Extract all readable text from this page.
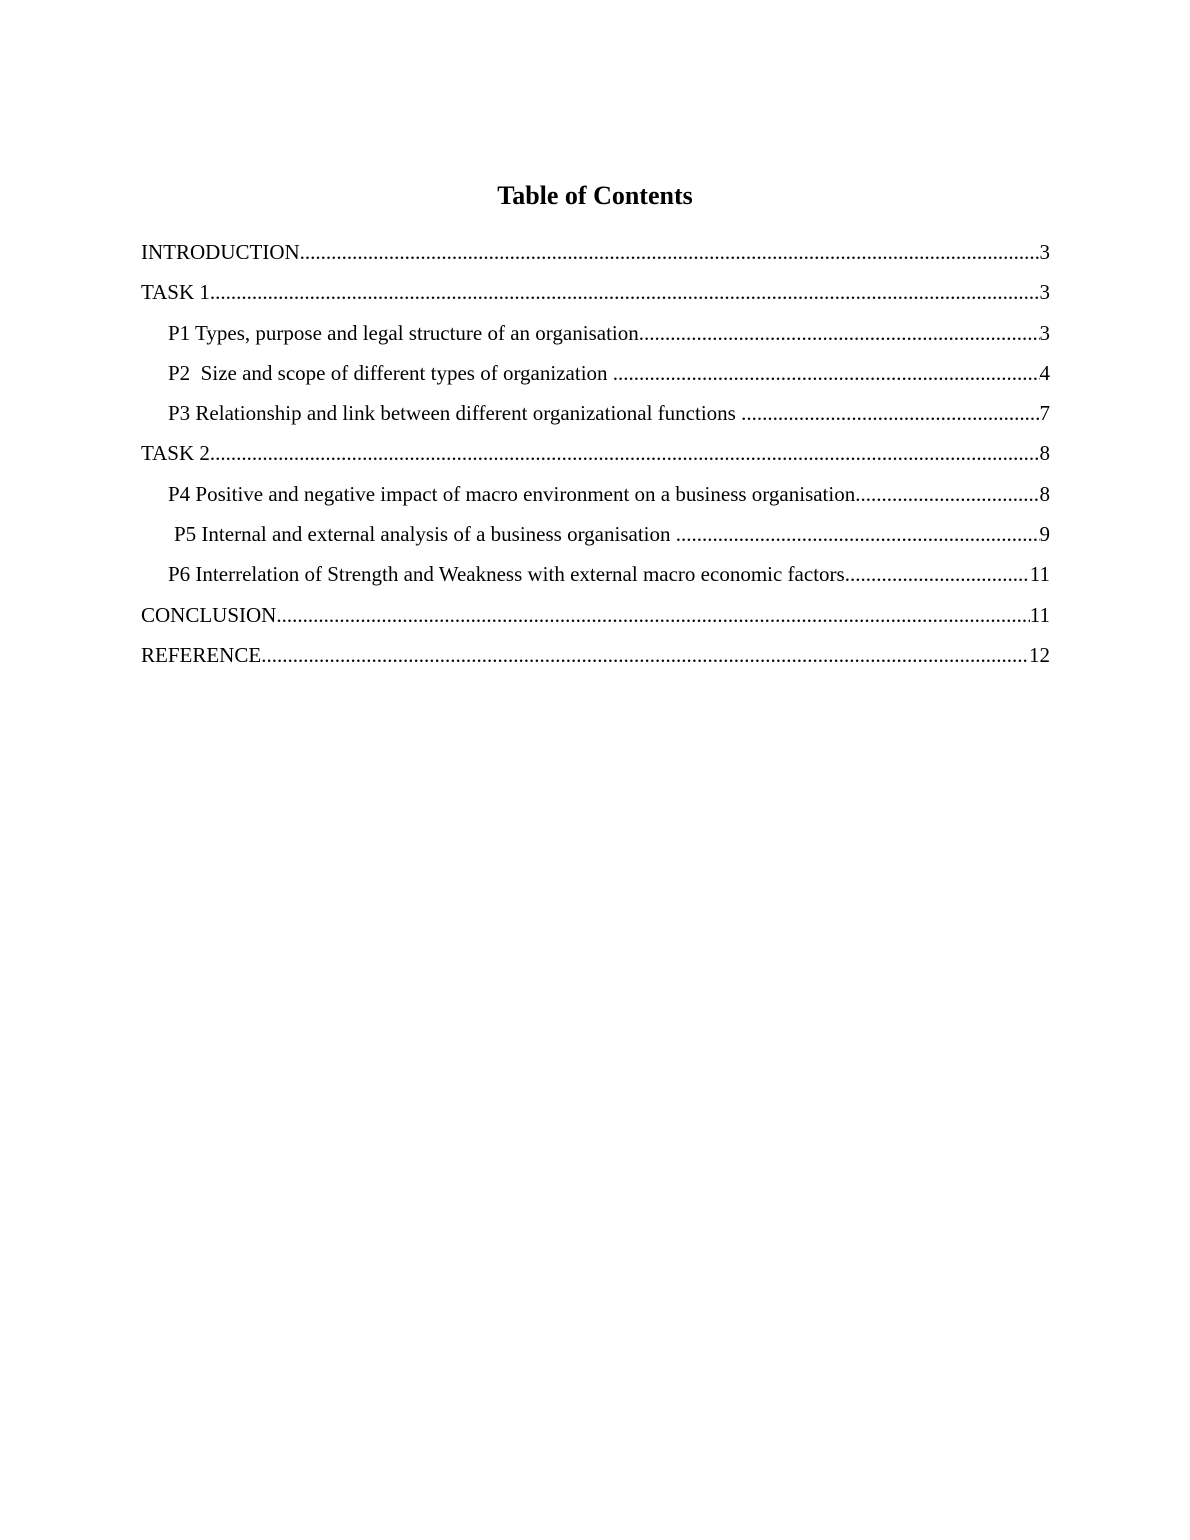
Table of Contents
INTRODUCTION .....	3
TASK 1 .....	3
P1 Types, purpose and legal structure of an organisation .....	3
P2  Size and scope of different types of organization .....	4
P3 Relationship and link between different organizational functions .....	7
TASK 2 .....	8
P4 Positive and negative impact of macro environment on a business organisation .....	8
P5 Internal and external analysis of a business organisation .....	9
P6 Interrelation of Strength and Weakness with external macro economic factors .....	11
CONCLUSION .....	11
REFERENCE .....	12
